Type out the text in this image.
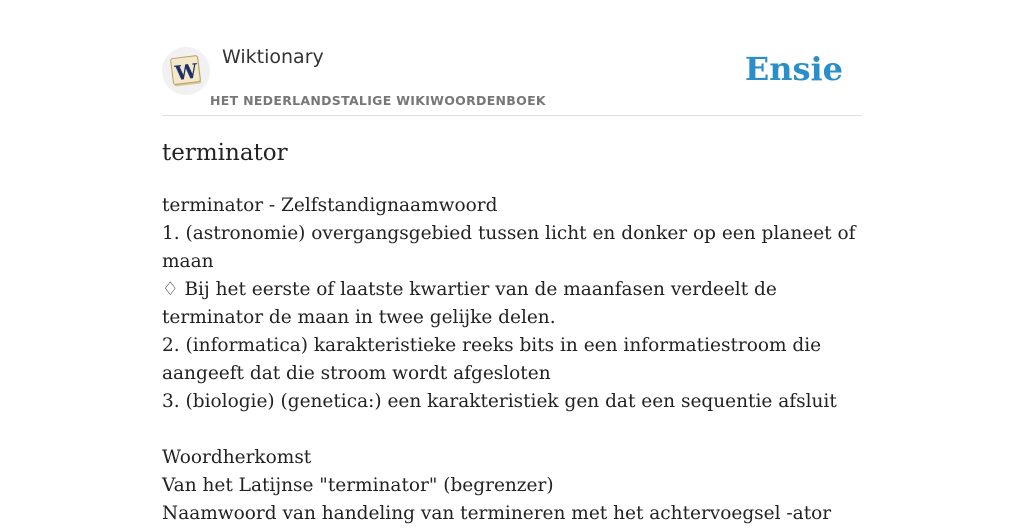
W
Wiktionary
HET NEDERLANDSTALIGE WIKIWOORDENBOEK
Ensie
terminator

terminator - Zelfstandignaamwoord

1. (astronomie) overgangsgebied tussen licht en donker op een planeet of maan

♢ Bij het eerste of laatste kwartier van de maanfasen verdeelt de terminator de maan in twee gelijke delen.

2. (informatica) karakteristieke reeks bits in een informatiestroom die aangeeft dat die stroom wordt afgesloten

3. (biologie) (genetica:) een karakteristiek gen dat een sequentie afsluit

Woordherkomst

Van het Latijnse "terminator" (begrenzer)

Naamwoord van handeling van termineren met het achtervoegsel -ator
